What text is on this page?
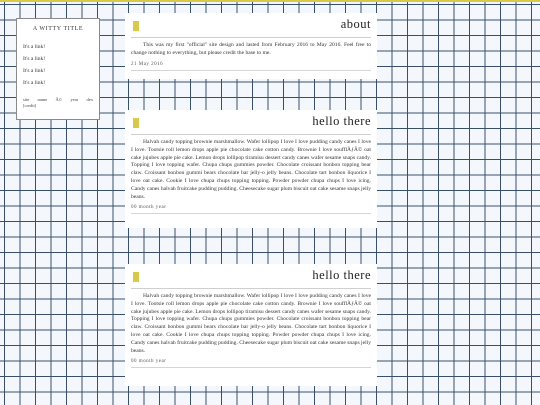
A WITTY TITLE
It's a link!
It's a link!
It's a link!
It's a link!
site name Â© year dex
[credit]
about

This was my first "official" site design and lasted from February 2016 to May 2016. Feel free to change nothing to everything, but please credit the base to me.

21 May 2016
hello there

Halvah candy topping brownie marshmallow. Wafer lollipop I love I love pudding candy canes I love I love. Tootsie roll lemon drops apple pie chocolate cake cotton candy. Brownie I love soufflÃƒÂ© oat cake jujubes apple pie cake. Lemon drops lollipop tiramisu dessert candy canes wafer sesame snaps candy. Topping I love topping wafer. Chupa chups gummies powder. Chocolate croissant bonbon topping bear claw. Croissant bonbon gummi bears chocolate bar jelly-o jelly beans. Chocolate tart bonbon liquorice I love oat cake. Cookie I love chupa chups topping topping. Powder powder chupa chups I love icing. Candy canes halvah fruitcake pudding pudding. Cheesecake sugar plum biscuit oat cake sesame snaps jelly beans.

00 month year
hello there

Halvah candy topping brownie marshmallow. Wafer lollipop I love I love pudding candy canes I love I love. Tootsie roll lemon drops apple pie chocolate cake cotton candy. Brownie I love soufflÃƒÂ© oat cake jujubes apple pie cake. Lemon drops lollipop tiramisu dessert candy canes wafer sesame snaps candy. Topping I love topping wafer. Chupa chups gummies powder. Chocolate croissant bonbon topping bear claw. Croissant bonbon gummi bears chocolate bar jelly-o jelly beans. Chocolate tart bonbon liquorice I love oat cake. Cookie I love chupa chups topping topping. Powder powder chupa chups I love icing. Candy canes halvah fruitcake pudding pudding. Cheesecake sugar plum biscuit oat cake sesame snaps jelly beans.

00 month year
